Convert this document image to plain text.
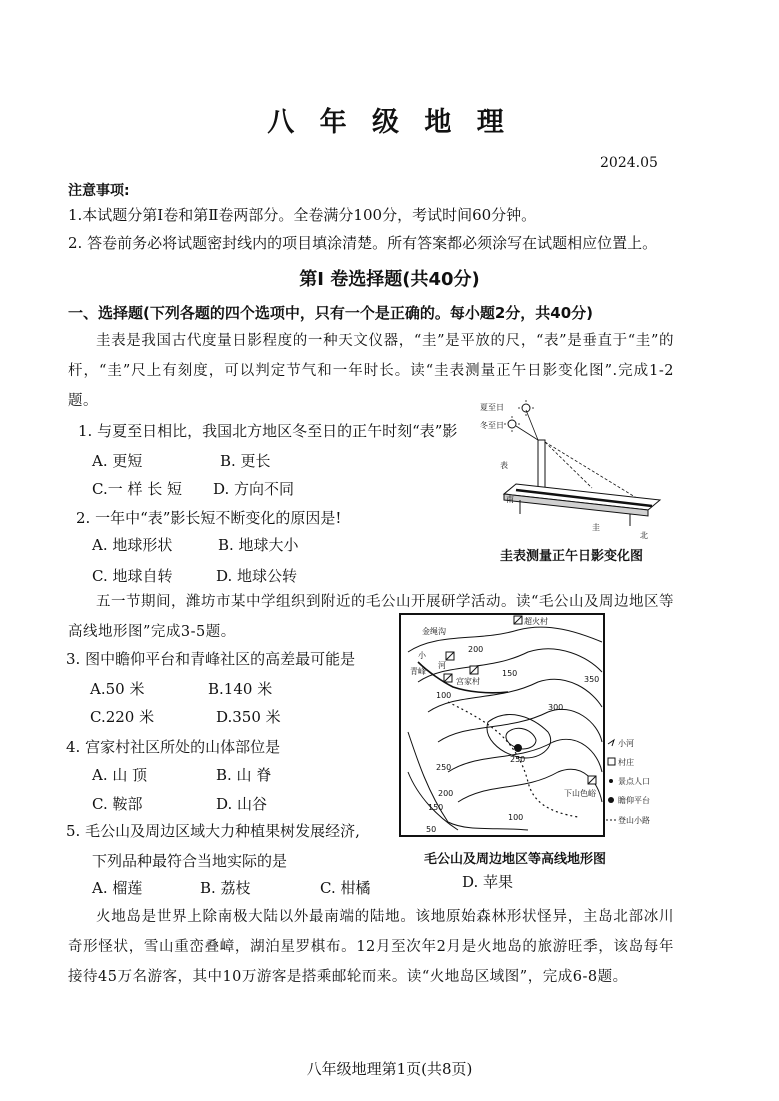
八 年 级 地 理
2024.05
注意事项:
1.本试题分第Ⅰ卷和第Ⅱ卷两部分。全卷满分100分，考试时间60分钟。
2. 答卷前务必将试题密封线内的项目填涂清楚。所有答案都必须涂写在试题相应位置上。
第Ⅰ 卷选择题(共40分)
一、选择题(下列各题的四个选项中，只有一个是正确的。每小题2分，共40分)
圭表是我国古代度量日影程度的一种天文仪器，“圭”是平放的尺，“表”是垂直于“圭”的杆，“圭”尺上有刻度，可以判定节气和一年时长。读“圭表测量正午日影变化图”.完成1-2题。
1. 与夏至日相比，我国北方地区冬至日的正午时刻“表”影
A. 更短	B. 更长
C.一 样 长 短 D. 方向不同
2. 一年中“表”影长短不断变化的原因是!
A. 地球形状	B. 地球大小
C. 地球自转	D. 地球公转
夏至日
冬至日
表
南
圭
北
圭表测量正午日影变化图
五一节期间，潍坊市某中学组织到附近的毛公山开展研学活动。读“毛公山及周边地区等高线地形图”完成3-5题。
3. 图中瞻仰平台和青峰社区的高差最可能是
A.50 米	B.140 米
C.220 米	D.350 米
4. 宫家村社区所处的山体部位是
A. 山 顶	B. 山 脊
C. 鞍部	D. 山谷
5. 毛公山及周边区域大力种植果树发展经济,
下列品种最符合当地实际的是
A. 榴莲	B. 荔枝	C. 柑橘	D. 苹果
金绳沟
超火村
青峰
小
河
宫家村
下山色峪
200
150
100
350
300
250
250
200
150
100
50
小河
村庄
景点人口
瞻仰平台
登山小路
毛公山及周边地区等高线地形图
火地岛是世界上除南极大陆以外最南端的陆地。该地原始森林形状怪异，主岛北部冰川奇形怪状，雪山重峦叠嶂，湖泊星罗棋布。12月至次年2月是火地岛的旅游旺季，该岛每年接待45万名游客，其中10万游客是搭乘邮轮而来。读“火地岛区域图”，完成6-8题。
八年级地理第1页(共8页)
